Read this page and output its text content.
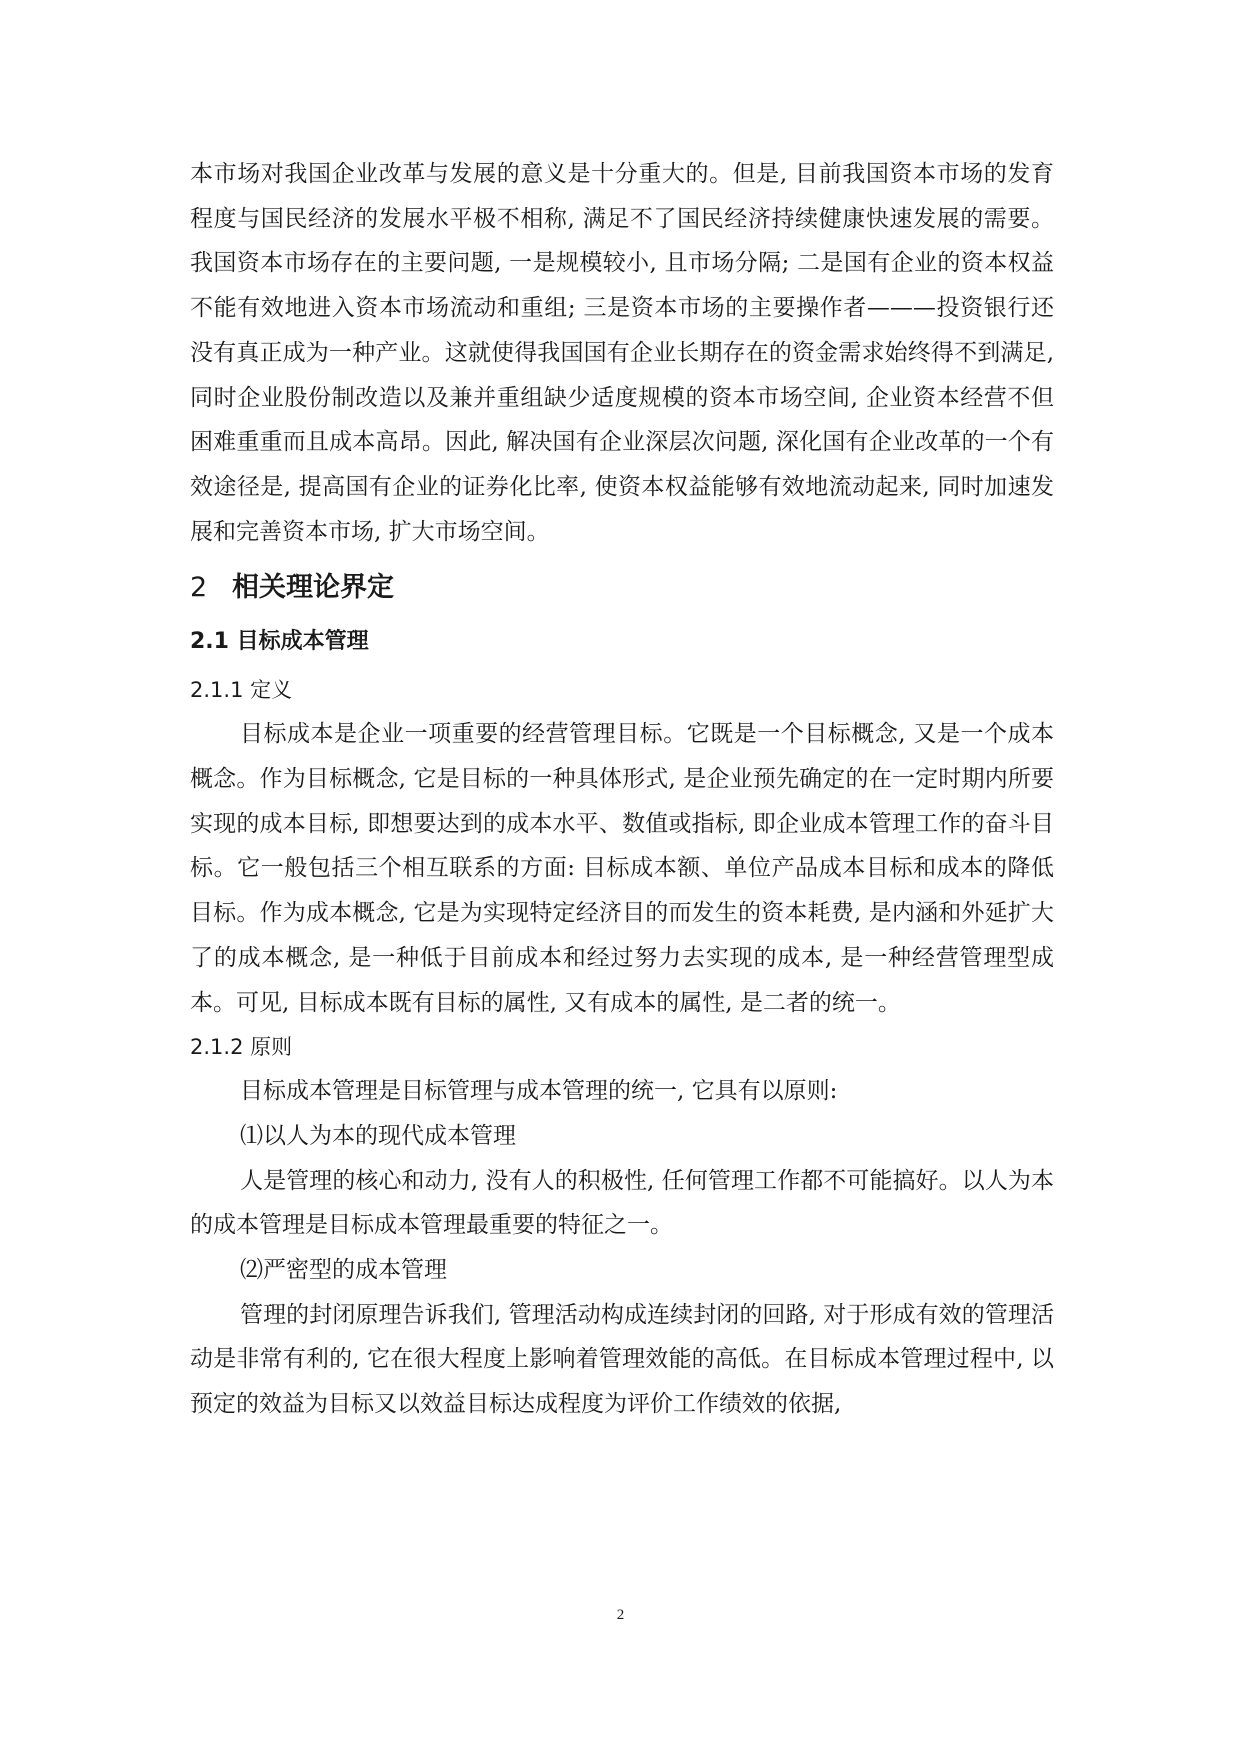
本市场对我国企业改革与发展的意义是十分重大的。但是, 目前我国资本市场的发育程度与国民经济的发展水平极不相称, 满足不了国民经济持续健康快速发展的需要。我国资本市场存在的主要问题, 一是规模较小, 且市场分隔; 二是国有企业的资本权益不能有效地进入资本市场流动和重组; 三是资本市场的主要操作者———投资银行还没有真正成为一种产业。这就使得我国国有企业长期存在的资金需求始终得不到满足, 同时企业股份制改造以及兼并重组缺少适度规模的资本市场空间, 企业资本经营不但困难重重而且成本高昂。因此, 解决国有企业深层次问题, 深化国有企业改革的一个有效途径是, 提高国有企业的证券化比率, 使资本权益能够有效地流动起来, 同时加速发展和完善资本市场, 扩大市场空间。

2 相关理论界定
2.1 目标成本管理
2.1.1 定义

目标成本是企业一项重要的经营管理目标。它既是一个目标概念, 又是一个成本概念。作为目标概念, 它是目标的一种具体形式, 是企业预先确定的在一定时期内所要实现的成本目标, 即想要达到的成本水平、数值或指标, 即企业成本管理工作的奋斗目标。它一般包括三个相互联系的方面: 目标成本额、单位产品成本目标和成本的降低目标。作为成本概念, 它是为实现特定经济目的而发生的资本耗费, 是内涵和外延扩大了的成本概念, 是一种低于目前成本和经过努力去实现的成本, 是一种经营管理型成本。可见, 目标成本既有目标的属性, 又有成本的属性, 是二者的统一。

2.1.2 原则

目标成本管理是目标管理与成本管理的统一, 它具有以原则:

⑴以人为本的现代成本管理

人是管理的核心和动力, 没有人的积极性, 任何管理工作都不可能搞好。以人为本的成本管理是目标成本管理最重要的特征之一。

⑵严密型的成本管理

管理的封闭原理告诉我们, 管理活动构成连续封闭的回路, 对于形成有效的管理活动是非常有利的, 它在很大程度上影响着管理效能的高低。在目标成本管理过程中, 以预定的效益为目标又以效益目标达成程度为评价工作绩效的依据,

2
